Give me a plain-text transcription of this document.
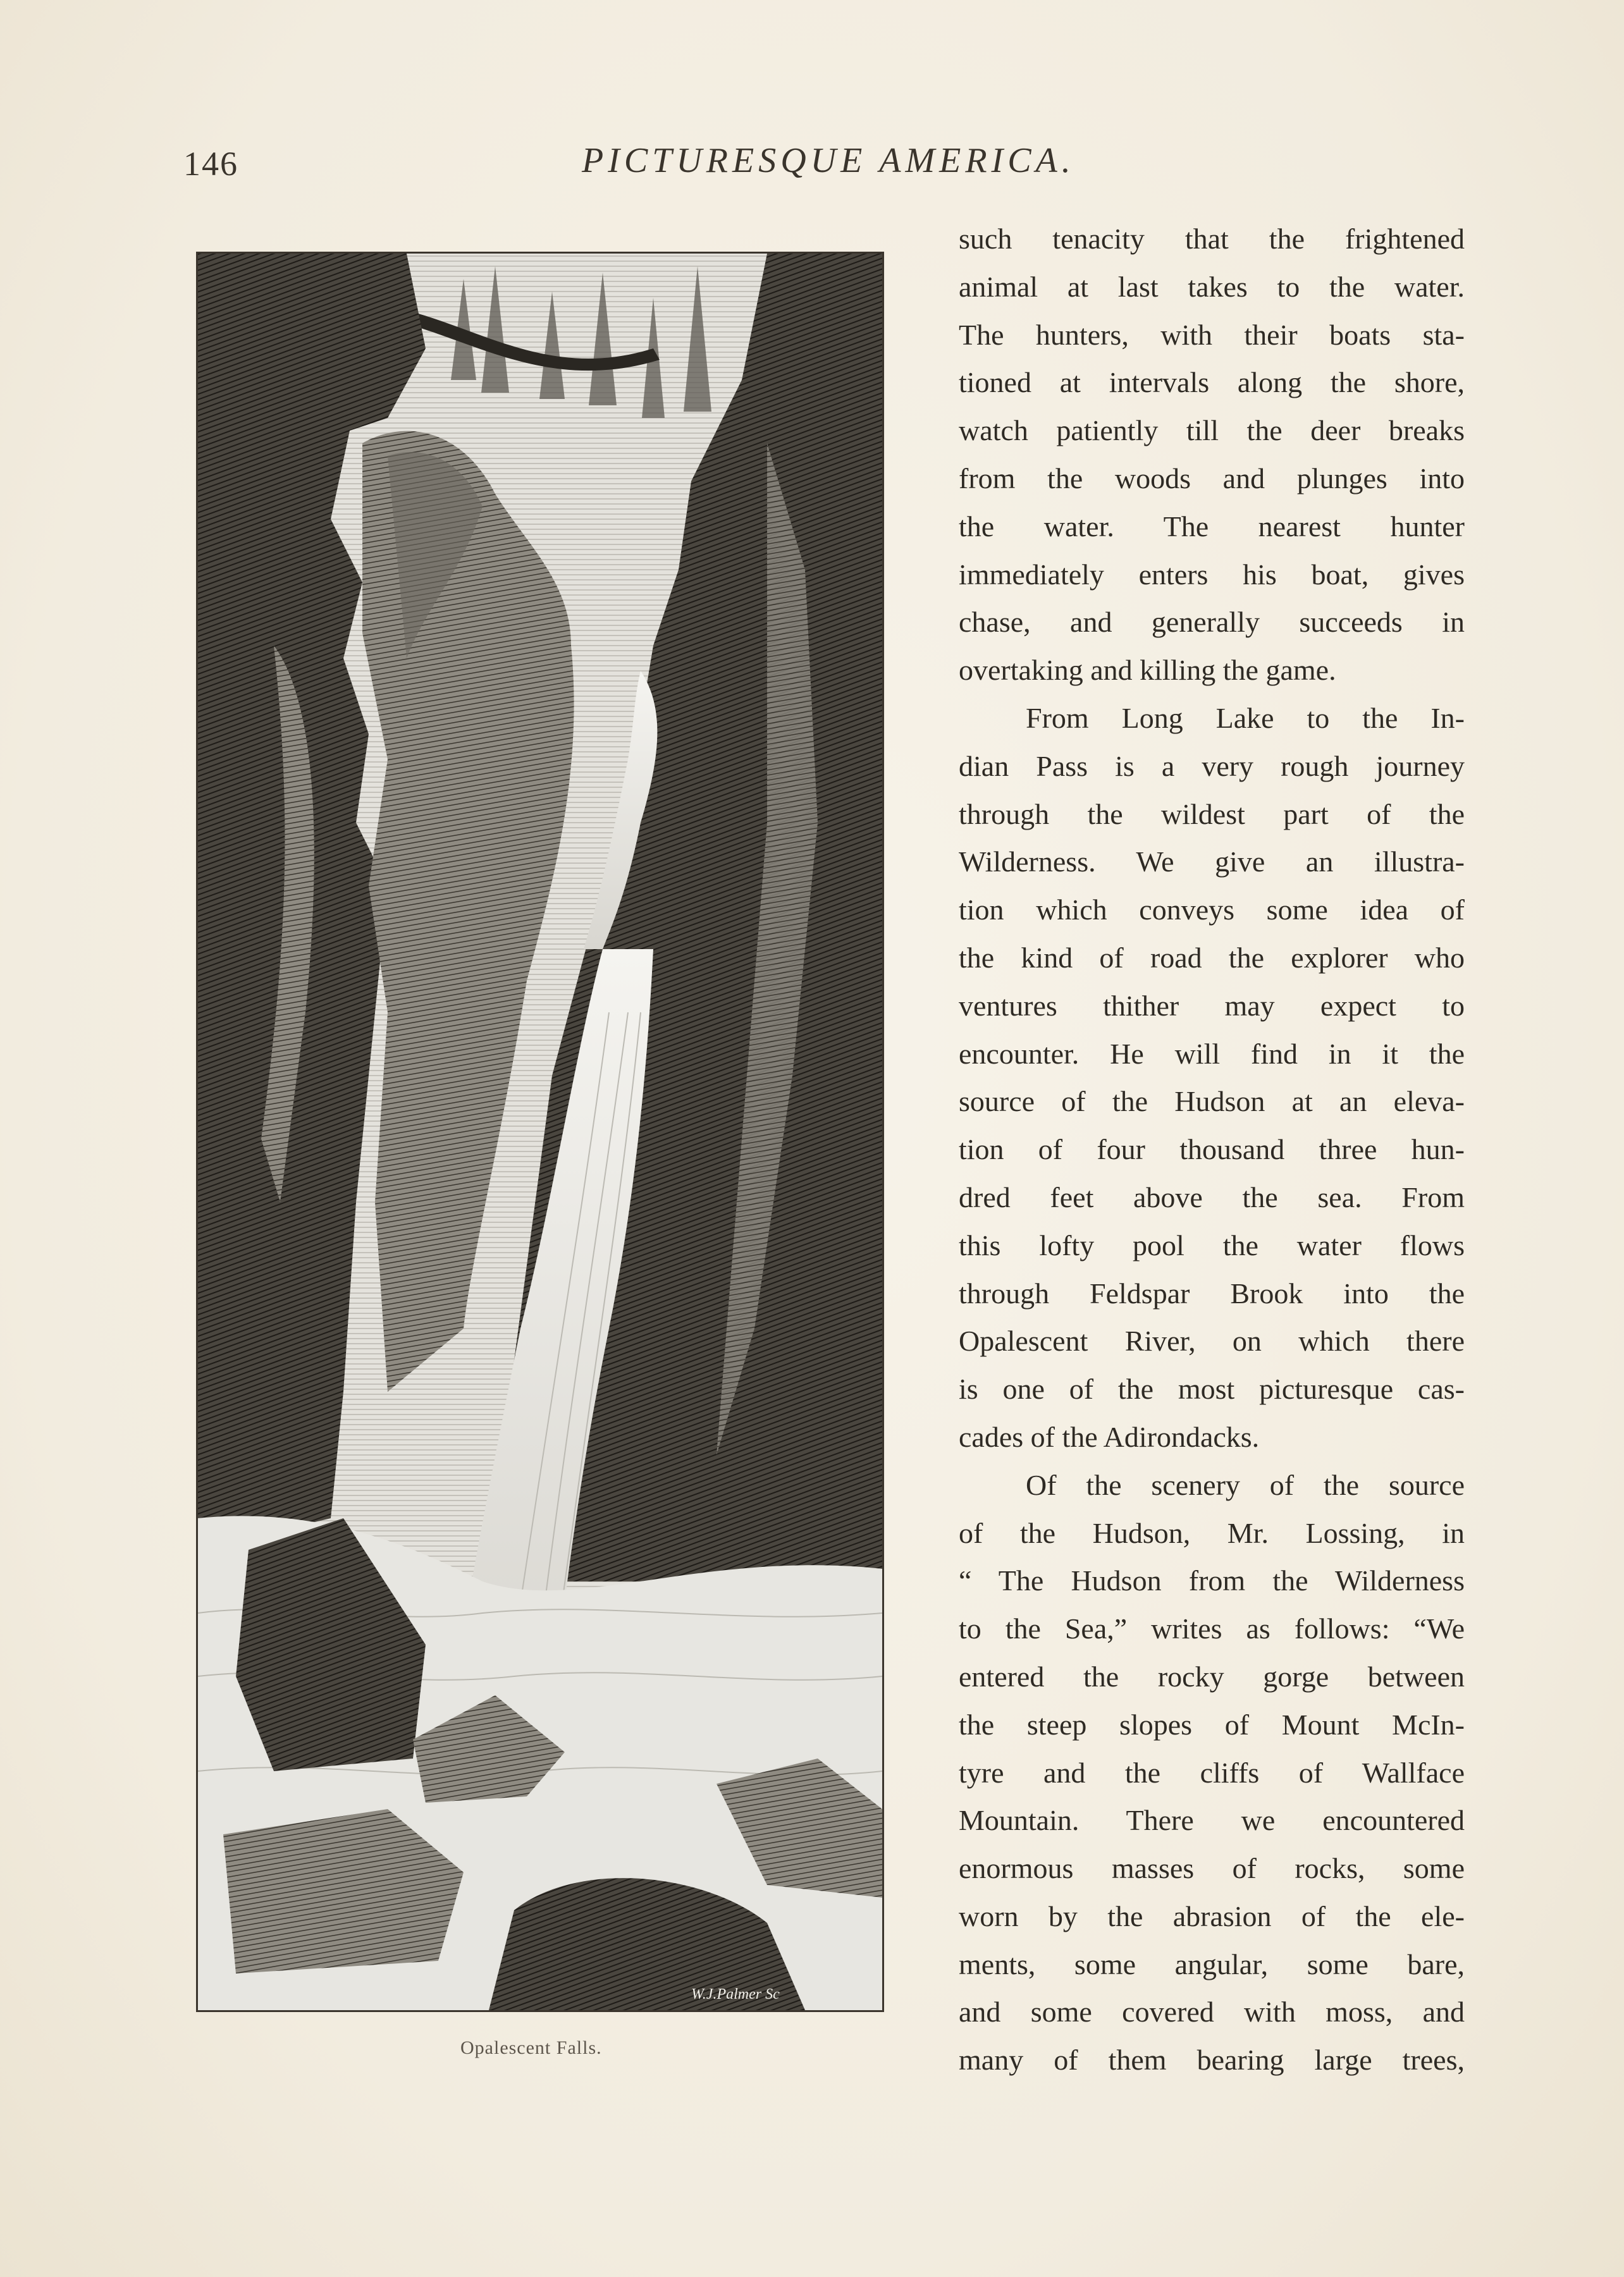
146	PICTURESQUE AMERICA.
W.J.Palmer Sc
Opalescent Falls.
such tenacity that the frightened
animal at last takes to the water.
The hunters, with their boats sta-
tioned at intervals along the shore,
watch patiently till the deer breaks
from the woods and plunges into
the water. The nearest hunter
immediately enters his boat, gives
chase, and generally succeeds in
overtaking and killing the game.
From Long Lake to the In-
dian Pass is a very rough journey
through the wildest part of the
Wilderness. We give an illustra-
tion which conveys some idea of
the kind of road the explorer who
ventures thither may expect to
encounter. He will find in it the
source of the Hudson at an eleva-
tion of four thousand three hun-
dred feet above the sea. From
this lofty pool the water flows
through Feldspar Brook into the
Opalescent River, on which there
is one of the most picturesque cas-
cades of the Adirondacks.
Of the scenery of the source
of the Hudson, Mr. Lossing, in
“ The Hudson from the Wilderness
to the Sea,” writes as follows: “We
entered the rocky gorge between
the steep slopes of Mount McIn-
tyre and the cliffs of Wallface
Mountain. There we encountered
enormous masses of rocks, some
worn by the abrasion of the ele-
ments, some angular, some bare,
and some covered with moss, and
many of them bearing large trees,
